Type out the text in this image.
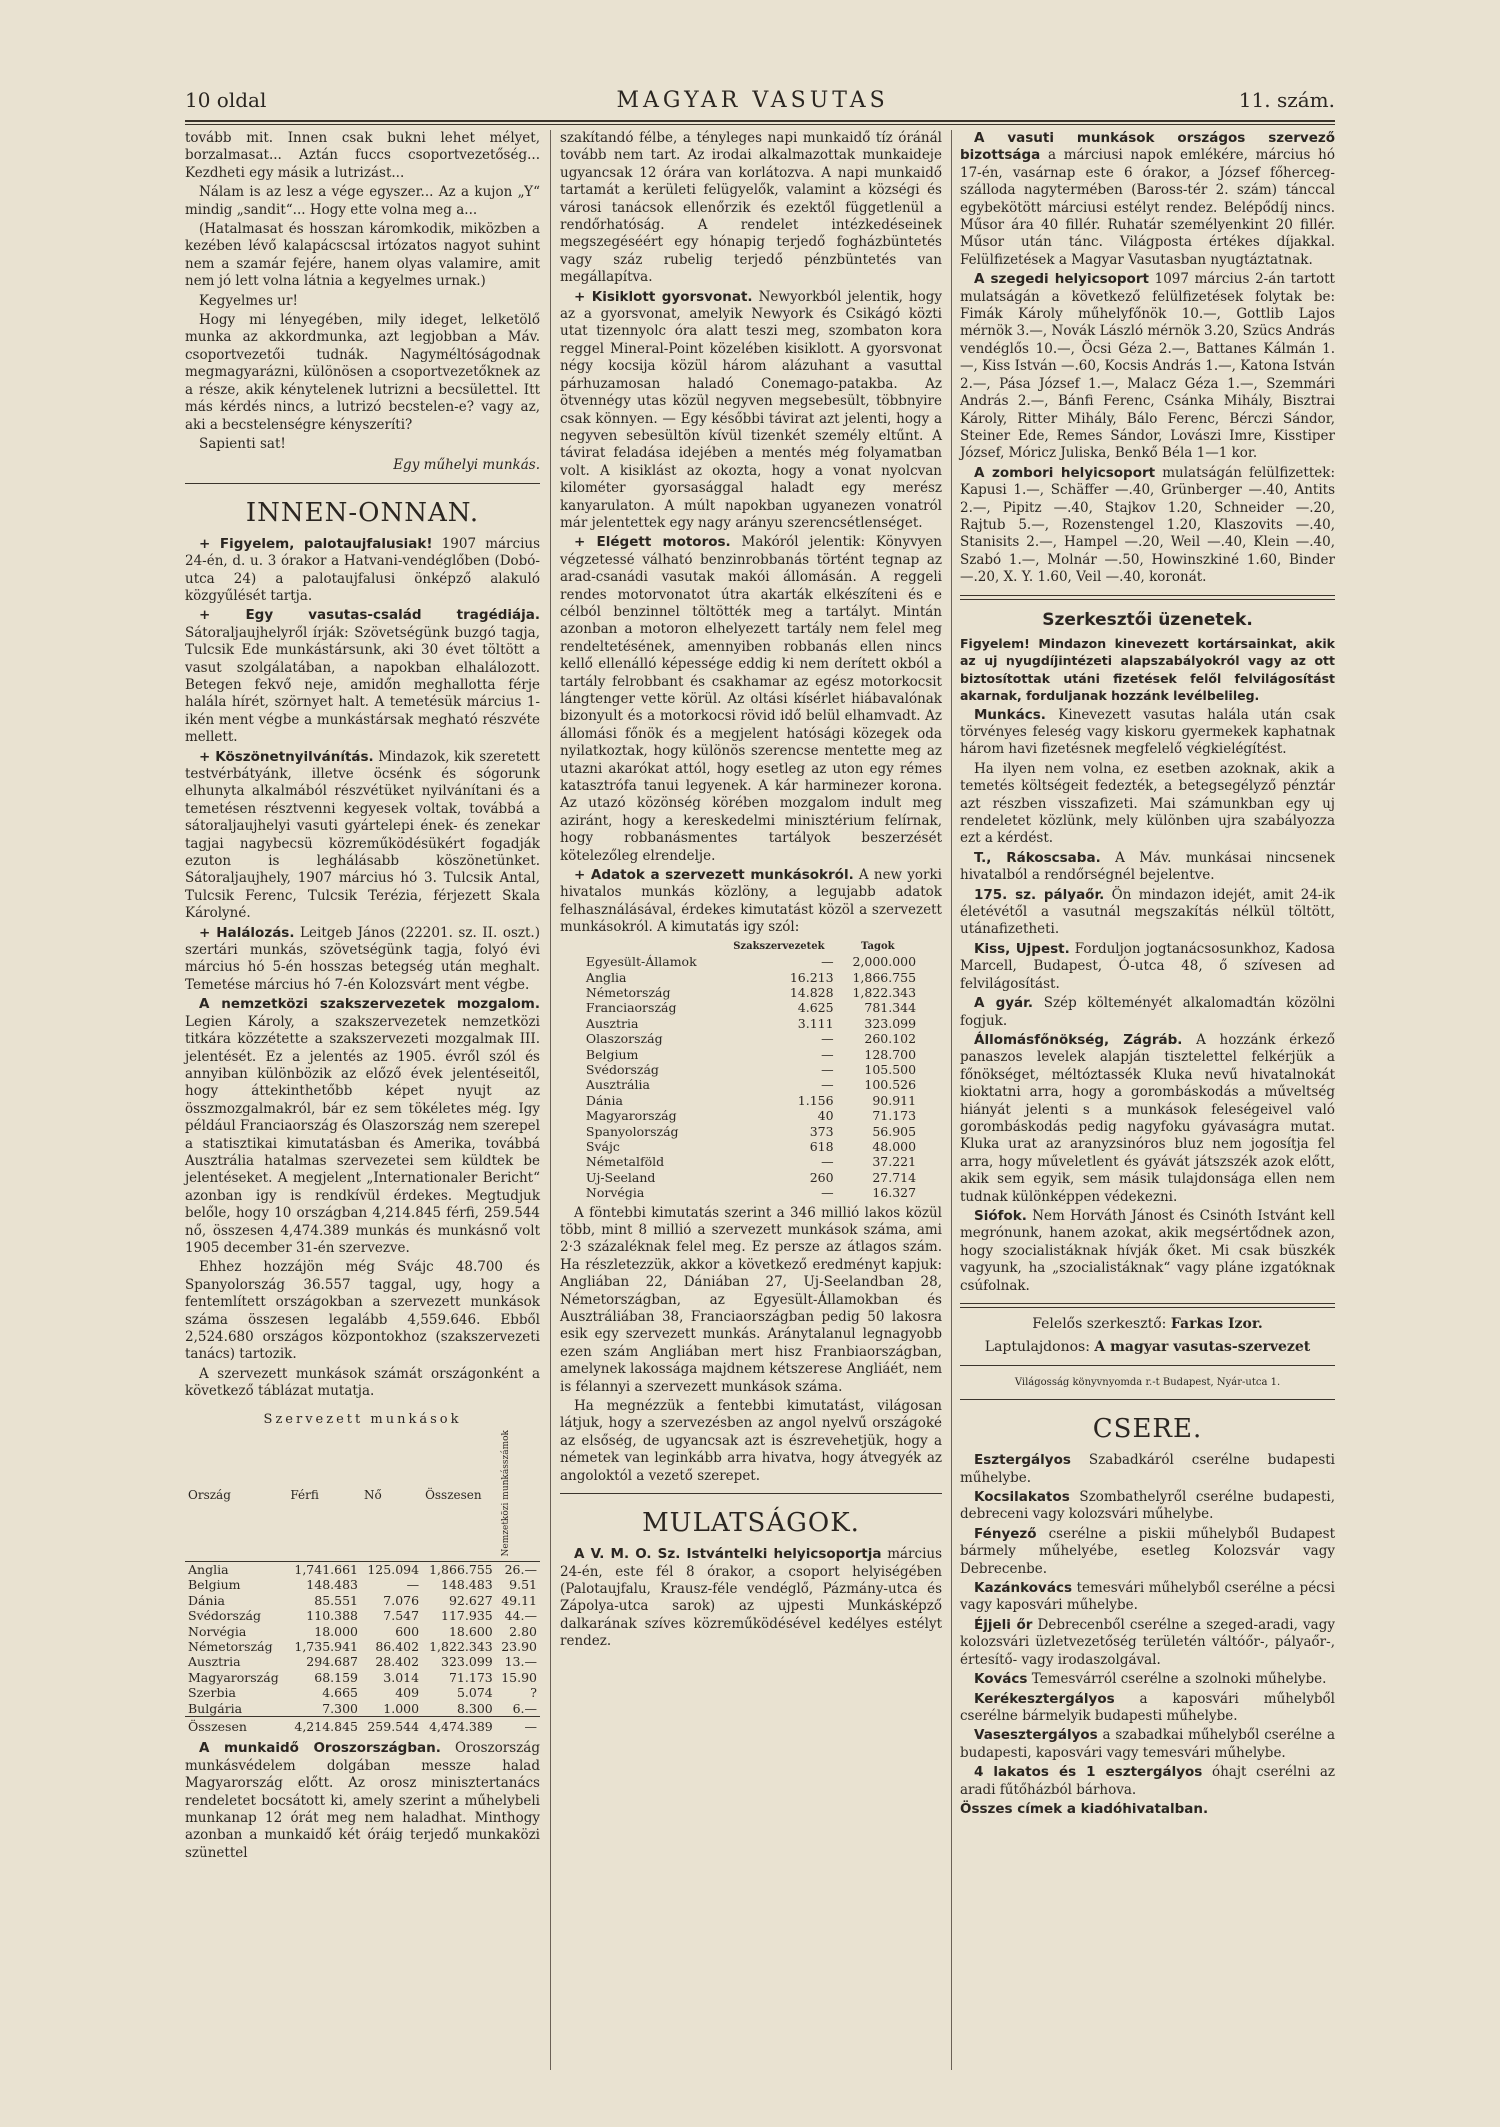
10 oldal	MAGYAR VASUTAS	11. szám.

tovább mit. Innen csak bukni lehet mélyet, borzalmasat... Aztán fuccs csoportvezetőség... Kezdheti egy másik a lutrizást...

Nálam is az lesz a vége egyszer... Az a kujon „Y“ mindig „sandit“... Hogy ette volna meg a...

(Hatalmasat és hosszan káromkodik, miközben a kezében lévő kalapácscsal irtózatos nagyot suhint nem a szamár fejére, hanem olyas valamire, amit nem jó lett volna látnia a kegyelmes urnak.)

Kegyelmes ur!

Hogy mi lényegében, mily ideget, lelketölő munka az akkordmunka, azt legjobban a Máv. csoportvezetői tudnák. Nagyméltóságodnak megmagyarázni, különösen a csoportvezetőknek az a része, akik kénytelenek lutrizni a becsülettel. Itt más kérdés nincs, a lutrizó becstelen-e? vagy az, aki a becstelenségre kényszeríti?

Sapienti sat!

Egy műhelyi munkás.
INNEN-ONNAN.

+ Figyelem, palotaujfalusiak! 1907 március 24-én, d. u. 3 órakor a Hatvani-vendéglőben (Dobó-utca 24) a palotaujfalusi önképző alakuló közgyűlését tartja.

+ Egy vasutas-család tragédiája. Sátoraljaujhelyről írják: Szövetségünk buzgó tagja, Tulcsik Ede munkástársunk, aki 30 évet töltött a vasut szolgálatában, a napokban elhalálozott. Betegen fekvő neje, amidőn meghallotta férje halála hírét, szörnyet halt. A temetésük március 1-ikén ment végbe a munkástársak megható részvéte mellett.

+ Köszönetnyilvánítás. Mindazok, kik szeretett testvérbátyánk, illetve öcsénk és sógorunk elhunyta alkalmából részvétüket nyilvánítani és a temetésen résztvenni kegyesek voltak, továbbá a sátoraljaujhelyi vasuti gyártelepi ének- és zenekar tagjai nagybecsü közreműködésükért fogadják ezuton is leghálásabb köszönetünket. Sátoraljaujhely, 1907 március hó 3. Tulcsik Antal, Tulcsik Ferenc, Tulcsik Terézia, férjezett Skala Károlyné.

+ Halálozás. Leitgeb János (22201. sz. II. oszt.) szertári munkás, szövetségünk tagja, folyó évi március hó 5-én hosszas betegség után meghalt. Temetése március hó 7-én Kolozsvárt ment végbe.

A nemzetközi szakszervezetek mozgalom. Legien Károly, a szakszervezetek nemzetközi titkára közzétette a szakszervezeti mozgalmak III. jelentését. Ez a jelentés az 1905. évről szól és annyiban különbözik az előző évek jelentéseitől, hogy áttekinthetőbb képet nyujt az összmozgalmakról, bár ez sem tökéletes még. Igy például Franciaország és Olaszország nem szerepel a statisztikai kimutatásban és Amerika, továbbá Ausztrália hatalmas szervezetei sem küldtek be jelentéseket. A megjelent „Internationaler Bericht“ azonban igy is rendkívül érdekes. Megtudjuk belőle, hogy 10 országban 4,214.845 férfi, 259.544 nő, összesen 4,474.389 munkás és munkásnő volt 1905 december 31-én szervezve.

Ehhez hozzájön még Svájc 48.700 és Spanyolország 36.557 taggal, ugy, hogy a fentemlített országokban a szervezett munkások száma összesen legalább 4,559.646. Ebből 2,524.680 országos központokhoz (szakszervezeti tanács) tartozik.

A szervezett munkások számát országonként a következő táblázat mutatja.

Szervezett munkások
Ország	Férfi	Nő	Összesen	Nemzetközi munkásszámok
Anglia	1,741.661	125.094	1,866.755	26.—
Belgium	148.483	—	148.483	9.51
Dánia	85.551	7.076	92.627	49.11
Svédország	110.388	7.547	117.935	44.—
Norvégia	18.000	600	18.600	2.80
Németország	1,735.941	86.402	1,822.343	23.90
Ausztria	294.687	28.402	323.099	13.—
Magyarország	68.159	3.014	71.173	15.90
Szerbia	4.665	409	5.074	?
Bulgária	7.300	1.000	8.300	6.—
Összesen	4,214.845	259.544	4,474.389	—

A munkaidő Oroszországban. Oroszország munkásvédelem dolgában messze halad Magyarország előtt. Az orosz minisztertanács rendeletet bocsátott ki, amely szerint a műhelybeli munkanap 12 órát meg nem haladhat. Minthogy azonban a munkaidő két óráig terjedő munkaközi szünettel

szakítandó félbe, a tényleges napi munkaidő tíz óránál tovább nem tart. Az irodai alkalmazottak munkaideje ugyancsak 12 órára van korlátozva. A napi munkaidő tartamát a kerületi felügyelők, valamint a községi és városi tanácsok ellenőrzik és ezektől függetlenül a rendőrhatóság. A rendelet intézkedéseinek megszegéséért egy hónapig terjedő fogházbüntetés vagy száz rubelig terjedő pénzbüntetés van megállapítva.

+ Kisiklott gyorsvonat. Newyorkból jelentik, hogy az a gyorsvonat, amelyik Newyork és Csikágó közti utat tizennyolc óra alatt teszi meg, szombaton kora reggel Mineral-Point közelében kisiklott. A gyorsvonat négy kocsija közül három alázuhant a vasuttal párhuzamosan haladó Conemago-patakba. Az ötvennégy utas közül negyven megsebesült, többnyire csak könnyen. — Egy későbbi távirat azt jelenti, hogy a negyven sebesültön kívül tizenkét személy eltűnt. A távirat feladása idejében a mentés még folyamatban volt. A kisiklást az okozta, hogy a vonat nyolcvan kilométer gyorsasággal haladt egy merész kanyarulaton. A múlt napokban ugyanezen vonatról már jelentettek egy nagy arányu szerencsétlenséget.

+ Elégett motoros. Makóról jelentik: Könyvyen végzetessé válható benzinrobbanás történt tegnap az arad-csanádi vasutak makói állomásán. A reggeli rendes motorvonatot útra akarták elkészíteni és e célból benzinnel töltötték meg a tartályt. Mintán azonban a motoron elhelyezett tartály nem felel meg rendeltetésének, amennyiben robbanás ellen nincs kellő ellenálló képessége eddig ki nem derített okból a tartály felrobbant és csakhamar az egész motorkocsit lángtenger vette körül. Az oltási kísérlet hiábavalónak bizonyult és a motorkocsi rövid idő belül elhamvadt. Az állomási főnök és a megjelent hatósági közegek oda nyilatkoztak, hogy különös szerencse mentette meg az utazni akarókat attól, hogy esetleg az uton egy rémes katasztrófa tanui legyenek. A kár harminezer korona. Az utazó közönség körében mozgalom indult meg aziránt, hogy a kereskedelmi minisztérium felírnak, hogy robbanásmentes tartályok beszerzését kötelezőleg elrendelje.

+ Adatok a szervezett munkásokról. A new yorki hivatalos munkás közlöny, a legujabb adatok felhasználásával, érdekes kimutatást közöl a szervezett munkásokról. A kimutatás igy szól:

	Szakszervezetek	Tagok
Egyesült-Államok	—	2,000.000
Anglia	16.213	1,866.755
Németország	14.828	1,822.343
Franciaország	4.625	781.344
Ausztria	3.111	323.099
Olaszország	—	260.102
Belgium	—	128.700
Svédország	—	105.500
Ausztrália	—	100.526
Dánia	1.156	90.911
Magyarország	40	71.173
Spanyolország	373	56.905
Svájc	618	48.000
Németalföld	—	37.221
Uj-Seeland	260	27.714
Norvégia	—	16.327

A föntebbi kimutatás szerint a 346 millió lakos közül több, mint 8 millió a szervezett munkások száma, ami 2·3 százaléknak felel meg. Ez persze az átlagos szám. Ha részletezzük, akkor a következő eredményt kapjuk: Angliában 22, Dániában 27, Uj-Seelandban 28, Németországban, az Egyesült-Államokban és Ausztráliában 38, Franciaországban pedig 50 lakosra esik egy szervezett munkás. Aránytalanul legnagyobb ezen szám Angliában mert hisz Franbiaországban, amelynek lakossága majdnem kétszerese Angliáét, nem is félannyi a szervezett munkások száma.

Ha megnézzük a fentebbi kimutatást, világosan látjuk, hogy a szervezésben az angol nyelvű országoké az elsőség, de ugyancsak azt is észrevehetjük, hogy a németek van leginkább arra hivatva, hogy átvegyék az angoloktól a vezető szerepet.

MULATSÁGOK.

A V. M. O. Sz. Istvántelki helyicsoportja március 24-én, este fél 8 órakor, a csoport helyiségében (Palotaujfalu, Krausz-féle vendéglő, Pázmány-utca és Zápolya-utca sarok) az ujpesti Munkásképző dalkarának szíves közreműködésével kedélyes estélyt rendez.

A vasuti munkások országos szervező bizottsága a márciusi napok emlékére, március hó 17-én, vasárnap este 6 órakor, a József főherceg-szálloda nagytermében (Baross-tér 2. szám) tánccal egybekötött márciusi estélyt rendez. Belépődíj nincs. Műsor ára 40 fillér. Ruhatár személyenkint 20 fillér. Műsor után tánc. Világposta értékes díjakkal. Felülfizetések a Magyar Vasutasban nyugtáztatnak.

A szegedi helyicsoport 1097 március 2-án tartott mulatságán a következő felülfizetések folytak be: Fimák Károly műhelyfőnök 10.—, Gottlib Lajos mérnök 3.—, Novák László mérnök 3.20, Szücs András vendéglős 10.—, Öcsi Géza 2.—, Battanes Kálmán 1.—, Kiss István —.60, Kocsis András 1.—, Katona István 2.—, Pása József 1.—, Malacz Géza 1.—, Szemmári András 2.—, Bánfi Ferenc, Csánka Mihály, Bisztrai Károly, Ritter Mihály, Bálo Ferenc, Bérczi Sándor, Steiner Ede, Remes Sándor, Lovászi Imre, Kisstiper József, Móricz Juliska, Benkő Béla 1—1 kor.

A zombori helyicsoport mulatságán felülfizettek: Kapusi 1.—, Schäffer —.40, Grünberger —.40, Antits 2.—, Pipitz —.40, Stajkov 1.20, Schneider —.20, Rajtub 5.—, Rozenstengel 1.20, Klaszovits —.40, Stanisits 2.—, Hampel —.20, Weil —.40, Klein —.40, Szabó 1.—, Molnár —.50, Howinszkiné 1.60, Binder —.20, X. Y. 1.60, Veil —.40, koronát.

Szerkesztői üzenetek.

Figyelem! Mindazon kinevezett kortársainkat, akik az uj nyugdíjintézeti alapszabályokról vagy az ott biztosítottak utáni fizetések felől felvilágosítást akarnak, forduljanak hozzánk levélbelileg.

Munkács. Kinevezett vasutas halála után csak törvényes feleség vagy kiskoru gyermekek kaphatnak három havi fizetésnek megfelelő végkielégítést.

Ha ilyen nem volna, ez esetben azoknak, akik a temetés költségeit fedezték, a betegsegélyző pénztár azt részben visszafizeti. Mai számunkban egy uj rendeletet közlünk, mely különben ujra szabályozza ezt a kérdést.

T., Rákoscsaba. A Máv. munkásai nincsenek hivatalból a rendőrségnél bejelentve.

175. sz. pályaőr. Ön mindazon idejét, amit 24-ik életévétől a vasutnál megszakítás nélkül töltött, utánafizetheti.

Kiss, Ujpest. Forduljon jogtanácsosunkhoz, Kadosa Marcell, Budapest, Ó-utca 48, ő szívesen ad felvilágosítást.

A gyár. Szép költeményét alkalomadtán közölni fogjuk.

Állomásfőnökség, Zágráb. A hozzánk érkező panaszos levelek alapján tisztelettel felkérjük a főnökséget, méltóztassék Kluka nevű hivatalnokát kioktatni arra, hogy a gorombáskodás a műveltség hiányát jelenti s a munkások feleségeivel való gorombáskodás pedig nagyfoku gyávaságra mutat. Kluka urat az aranyzsinóros bluz nem jogosítja fel arra, hogy műveletlent és gyávát játszszék azok előtt, akik sem egyik, sem másik tulajdonsága ellen nem tudnak különképpen védekezni.

Siófok. Nem Horváth Jánost és Csinóth Istvánt kell megrónunk, hanem azokat, akik megsértődnek azon, hogy szocialistáknak hívják őket. Mi csak büszkék vagyunk, ha „szocialistáknak“ vagy pláne izgatóknak csúfolnak.

Felelős szerkesztő: Farkas Izor.
Laptulajdonos: A magyar vasutas-szervezet
Világosság könyvnyomda r.-t Budapest, Nyár-utca 1.
CSERE.

Esztergályos Szabadkáról cserélne budapesti műhelybe.

Kocsilakatos Szombathelyről cserélne budapesti, debreceni vagy kolozsvári műhelybe.

Fényező cserélne a piskii műhelyből Budapest bármely műhelyébe, esetleg Kolozsvár vagy Debrecenbe.

Kazánkovács temesvári műhelyből cserélne a pécsi vagy kaposvári műhelybe.

Éjjeli őr Debrecenből cserélne a szeged-aradi, vagy kolozsvári üzletvezetőség területén váltóőr-, pályaőr-, értesítő- vagy irodaszolgával.

Kovács Temesvárról cserélne a szolnoki műhelybe.

Kerékesztergályos a kaposvári műhelyből cserélne bármelyik budapesti műhelybe.

Vasesztergályos a szabadkai műhelyből cserélne a budapesti, kaposvári vagy temesvári műhelybe.

4 lakatos és 1 esztergályos óhajt cserélni az aradi fűtőházból bárhova.

Összes címek a kiadóhivatalban.
